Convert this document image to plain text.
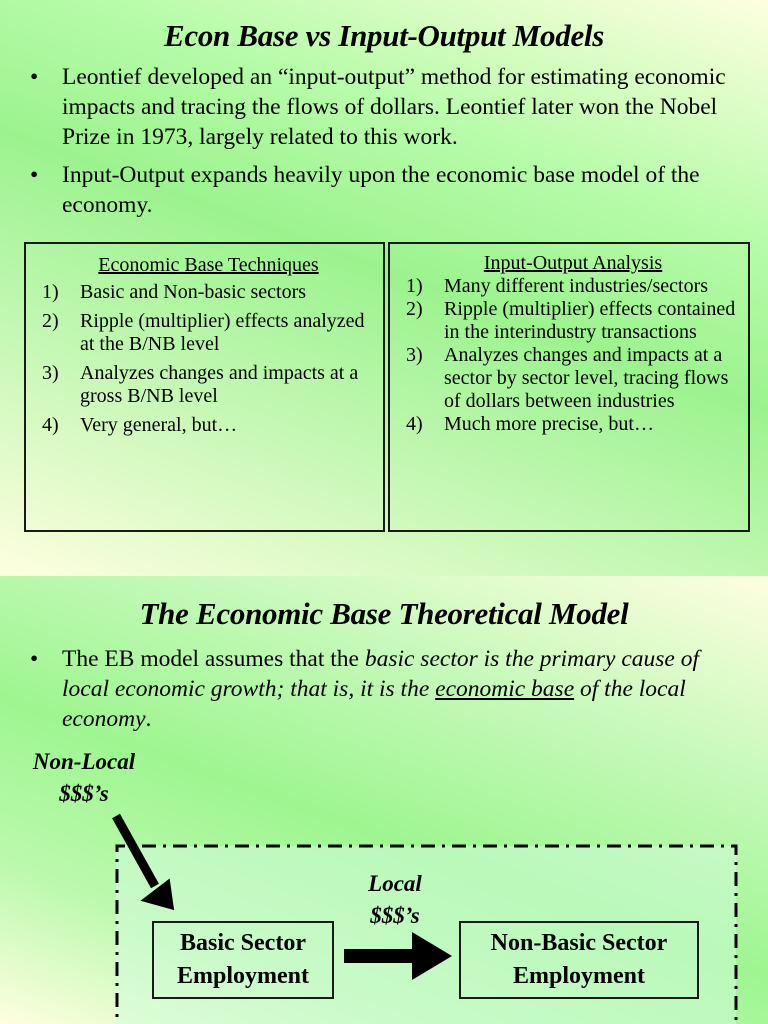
Econ Base vs Input-Output Models
• Leontief developed an “input-output” method for estimating economic impacts and tracing the flows of dollars. Leontief later won the Nobel Prize in 1973, largely related to this work.
• Input-Output expands heavily upon the economic base model of the economy.
Economic Base Techniques
1) Basic and Non-basic sectors
2) Ripple (multiplier) effects analyzed at the B/NB level
3) Analyzes changes and impacts at a gross B/NB level
4) Very general, but…
Input-Output Analysis
1) Many different industries/sectors
2) Ripple (multiplier) effects contained in the interindustry transactions
3) Analyzes changes and impacts at a sector by sector level, tracing flows of dollars between industries
4) Much more precise, but…
The Economic Base Theoretical Model
• The EB model assumes that the basic sector is the primary cause of local economic growth; that is, it is the economic base of the local economy.
Non-Local
$$$’s
Local
$$$’s
Basic Sector
Employment
Non-Basic Sector
Employment
